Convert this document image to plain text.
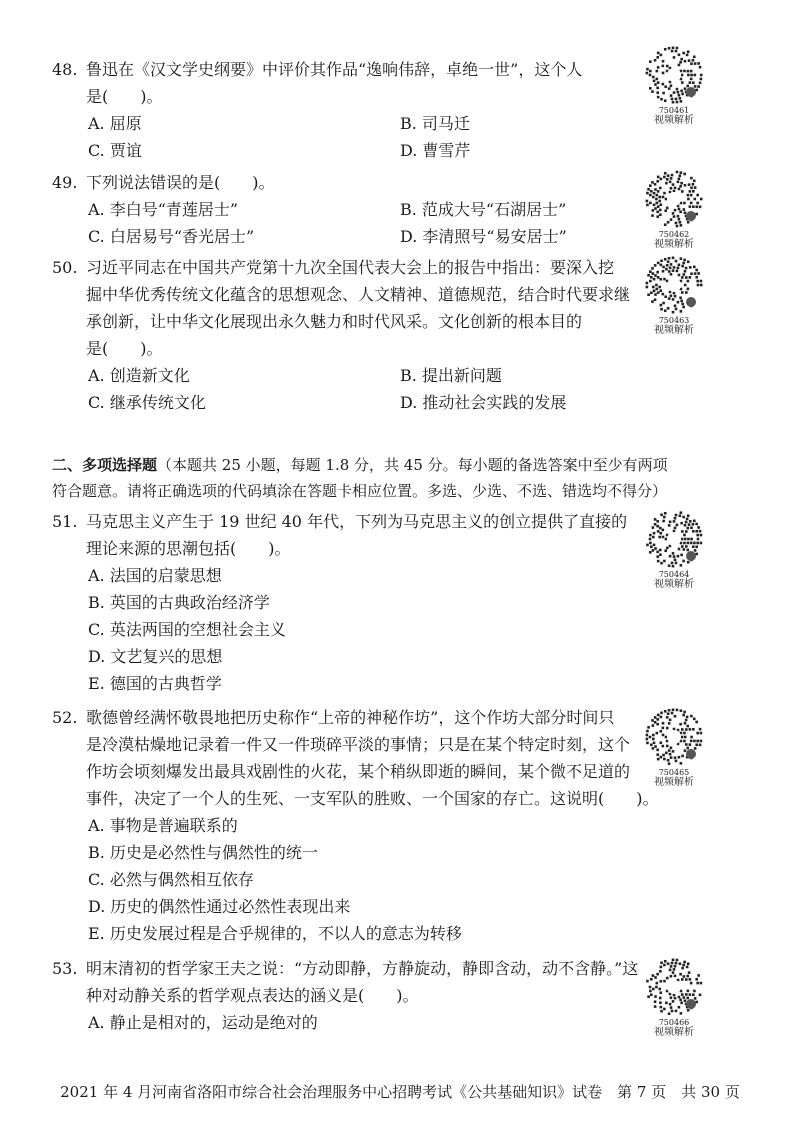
48. 鲁迅在《汉文学史纲要》中评价其作品“逸响伟辞，卓绝一世”，这个人
是(　　)。
A. 屈原	B. 司马迁
C. 贾谊	D. 曹雪芹
49. 下列说法错误的是(　　)。
A. 李白号“青莲居士”	B. 范成大号“石湖居士”
C. 白居易号“香光居士”	D. 李清照号“易安居士”
50. 习近平同志在中国共产党第十九次全国代表大会上的报告中指出：要深入挖
掘中华优秀传统文化蕴含的思想观念、人文精神、道德规范，结合时代要求继
承创新，让中华文化展现出永久魅力和时代风采。文化创新的根本目的
是(　　)。
A. 创造新文化	B. 提出新问题
C. 继承传统文化	D. 推动社会实践的发展
二、多项选择题（本题共 25 小题，每题 1.8 分，共 45 分。每小题的备选答案中至少有两项
符合题意。请将正确选项的代码填涂在答题卡相应位置。多选、少选、不选、错选均不得分）
51. 马克思主义产生于 19 世纪 40 年代，下列为马克思主义的创立提供了直接的
理论来源的思潮包括(　　)。
A. 法国的启蒙思想
B. 英国的古典政治经济学
C. 英法两国的空想社会主义
D. 文艺复兴的思想
E. 德国的古典哲学
52. 歌德曾经满怀敬畏地把历史称作“上帝的神秘作坊”，这个作坊大部分时间只
是冷漠枯燥地记录着一件又一件琐碎平淡的事情；只是在某个特定时刻，这个
作坊会顷刻爆发出最具戏剧性的火花，某个稍纵即逝的瞬间，某个微不足道的
事件，决定了一个人的生死、一支军队的胜败、一个国家的存亡。这说明(　　)。
A. 事物是普遍联系的
B. 历史是必然性与偶然性的统一
C. 必然与偶然相互依存
D. 历史的偶然性通过必然性表现出来
E. 历史发展过程是合乎规律的，不以人的意志为转移
53. 明末清初的哲学家王夫之说：“方动即静，方静旋动，静即含动，动不含静。”这
种对动静关系的哲学观点表达的涵义是(　　)。
A. 静止是相对的，运动是绝对的
750461
视频解析
750462
视频解析
750463
视频解析
750464
视频解析
750465
视频解析
750466
视频解析
2021 年 4 月河南省洛阳市综合社会治理服务中心招聘考试《公共基础知识》试卷　第 7 页　共 30 页
